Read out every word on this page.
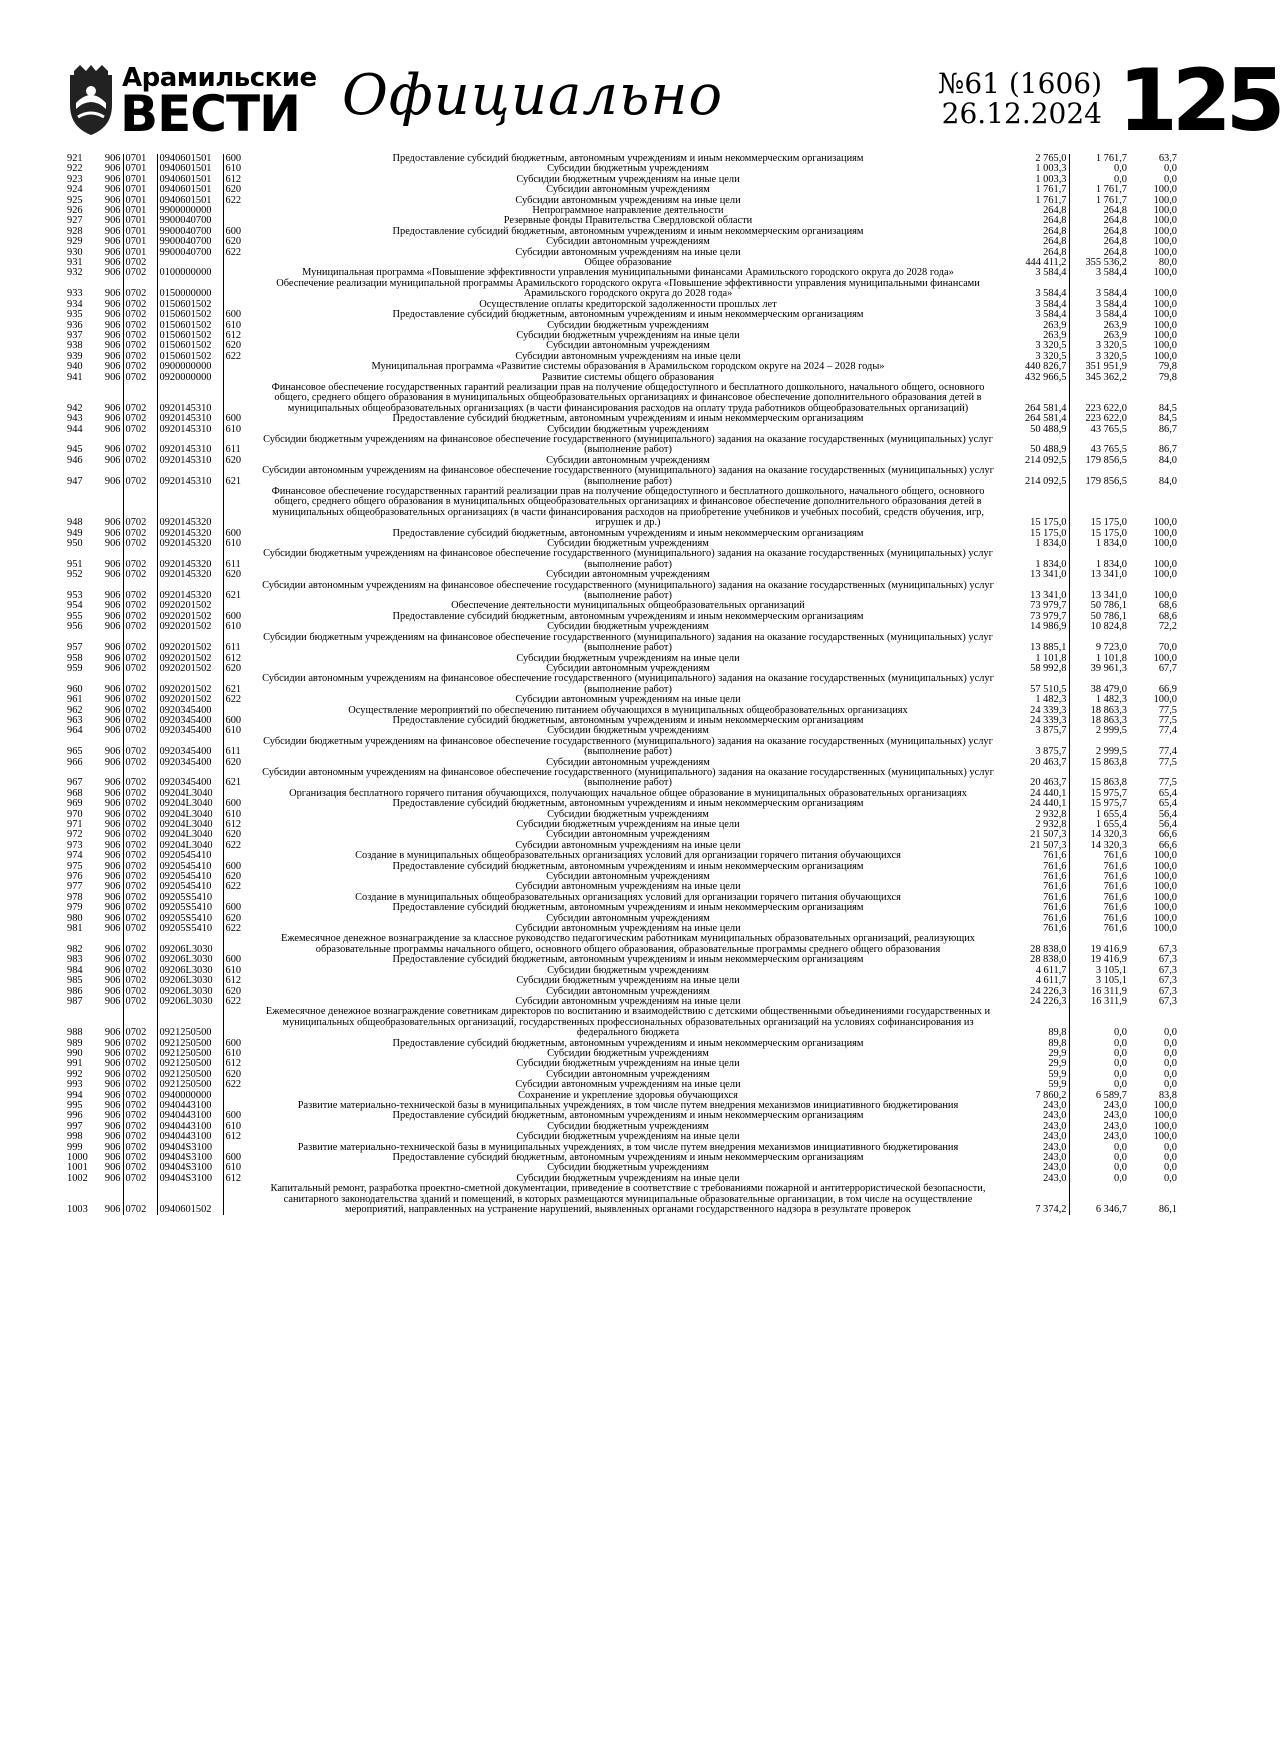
Арамильские
ВЕСТИ Официально	№61 (1606)
26.12.2024 125
921	906	0701	0940601501	600	Предоставление субсидий бюджетным, автономным учреждениям и иным некоммерческим организациям	2 765,0	1 761,7	63,7
922	906	0701	0940601501	610	Субсидии бюджетным учреждениям	1 003,3	0,0	0,0
923	906	0701	0940601501	612	Субсидии бюджетным учреждениям на иные цели	1 003,3	0,0	0,0
924	906	0701	0940601501	620	Субсидии автономным учреждениям	1 761,7	1 761,7	100,0
925	906	0701	0940601501	622	Субсидии автономным учреждениям на иные цели	1 761,7	1 761,7	100,0
926	906	0701	9900000000		Непрограммное направление деятельности	264,8	264,8	100,0
927	906	0701	9900040700		Резервные фонды Правительства Свердловской области	264,8	264,8	100,0
928	906	0701	9900040700	600	Предоставление субсидий бюджетным, автономным учреждениям и иным некоммерческим организациям	264,8	264,8	100,0
929	906	0701	9900040700	620	Субсидии автономным учреждениям	264,8	264,8	100,0
930	906	0701	9900040700	622	Субсидии автономным учреждениям на иные цели	264,8	264,8	100,0
931	906	0702			Общее образование	444 411,2	355 536,2	80,0
932	906	0702	0100000000		Муниципальная программа «Повышение эффективности управления муниципальными финансами Арамильского городского округа до 2028 года»	3 584,4	3 584,4	100,0
933	906	0702	0150000000		Обеспечение реализации муниципальной программы Арамильского городского округа «Повышение эффективности управления муниципальными финансами Арамильского городского округа до 2028 года»	3 584,4	3 584,4	100,0
934	906	0702	0150601502		Осуществление оплаты кредиторской задолженности прошлых лет	3 584,4	3 584,4	100,0
935	906	0702	0150601502	600	Предоставление субсидий бюджетным, автономным учреждениям и иным некоммерческим организациям	3 584,4	3 584,4	100,0
936	906	0702	0150601502	610	Субсидии бюджетным учреждениям	263,9	263,9	100,0
937	906	0702	0150601502	612	Субсидии бюджетным учреждениям на иные цели	263,9	263,9	100,0
938	906	0702	0150601502	620	Субсидии автономным учреждениям	3 320,5	3 320,5	100,0
939	906	0702	0150601502	622	Субсидии автономным учреждениям на иные цели	3 320,5	3 320,5	100,0
940	906	0702	0900000000		Муниципальная программа «Развитие системы образования в Арамильском городском округе на 2024 – 2028 годы»	440 826,7	351 951,9	79,8
941	906	0702	0920000000		Развитие системы общего образования	432 966,5	345 362,2	79,8
942	906	0702	0920145310		Финансовое обеспечение государственных гарантий реализации прав на получение общедоступного и бесплатного дошкольного, начального общего, основного общего, среднего общего образования в муниципальных общеобразовательных организациях и финансовое обеспечение дополнительного образования детей в муниципальных общеобразовательных организациях (в части финансирования расходов на оплату труда работников общеобразовательных организаций)	264 581,4	223 622,0	84,5
943	906	0702	0920145310	600	Предоставление субсидий бюджетным, автономным учреждениям и иным некоммерческим организациям	264 581,4	223 622,0	84,5
944	906	0702	0920145310	610	Субсидии бюджетным учреждениям	50 488,9	43 765,5	86,7
945	906	0702	0920145310	611	Субсидии бюджетным учреждениям на финансовое обеспечение государственного (муниципального) задания на оказание государственных (муниципальных) услуг (выполнение работ)	50 488,9	43 765,5	86,7
946	906	0702	0920145310	620	Субсидии автономным учреждениям	214 092,5	179 856,5	84,0
947	906	0702	0920145310	621	Субсидии автономным учреждениям на финансовое обеспечение государственного (муниципального) задания на оказание государственных (муниципальных) услуг (выполнение работ)	214 092,5	179 856,5	84,0
948	906	0702	0920145320		Финансовое обеспечение государственных гарантий реализации прав на получение общедоступного и бесплатного дошкольного, начального общего, основного общего, среднего общего образования в муниципальных общеобразовательных организациях и финансовое обеспечение дополнительного образования детей в муниципальных общеобразовательных организациях (в части финансирования расходов на приобретение учебников и учебных пособий, средств обучения, игр, игрушек и др.)	15 175,0	15 175,0	100,0
949	906	0702	0920145320	600	Предоставление субсидий бюджетным, автономным учреждениям и иным некоммерческим организациям	15 175,0	15 175,0	100,0
950	906	0702	0920145320	610	Субсидии бюджетным учреждениям	1 834,0	1 834,0	100,0
951	906	0702	0920145320	611	Субсидии бюджетным учреждениям на финансовое обеспечение государственного (муниципального) задания на оказание государственных (муниципальных) услуг (выполнение работ)	1 834,0	1 834,0	100,0
952	906	0702	0920145320	620	Субсидии автономным учреждениям	13 341,0	13 341,0	100,0
953	906	0702	0920145320	621	Субсидии автономным учреждениям на финансовое обеспечение государственного (муниципального) задания на оказание государственных (муниципальных) услуг (выполнение работ)	13 341,0	13 341,0	100,0
954	906	0702	0920201502		Обеспечение деятельности муниципальных общеобразовательных организаций	73 979,7	50 786,1	68,6
955	906	0702	0920201502	600	Предоставление субсидий бюджетным, автономным учреждениям и иным некоммерческим организациям	73 979,7	50 786,1	68,6
956	906	0702	0920201502	610	Субсидии бюджетным учреждениям	14 986,9	10 824,8	72,2
957	906	0702	0920201502	611	Субсидии бюджетным учреждениям на финансовое обеспечение государственного (муниципального) задания на оказание государственных (муниципальных) услуг (выполнение работ)	13 885,1	9 723,0	70,0
958	906	0702	0920201502	612	Субсидии бюджетным учреждениям на иные цели	1 101,8	1 101,8	100,0
959	906	0702	0920201502	620	Субсидии автономным учреждениям	58 992,8	39 961,3	67,7
960	906	0702	0920201502	621	Субсидии автономным учреждениям на финансовое обеспечение государственного (муниципального) задания на оказание государственных (муниципальных) услуг (выполнение работ)	57 510,5	38 479,0	66,9
961	906	0702	0920201502	622	Субсидии автономным учреждениям на иные цели	1 482,3	1 482,3	100,0
962	906	0702	0920345400		Осуществление мероприятий по обеспечению питанием обучающихся в муниципальных общеобразовательных организациях	24 339,3	18 863,3	77,5
963	906	0702	0920345400	600	Предоставление субсидий бюджетным, автономным учреждениям и иным некоммерческим организациям	24 339,3	18 863,3	77,5
964	906	0702	0920345400	610	Субсидии бюджетным учреждениям	3 875,7	2 999,5	77,4
965	906	0702	0920345400	611	Субсидии бюджетным учреждениям на финансовое обеспечение государственного (муниципального) задания на оказание государственных (муниципальных) услуг (выполнение работ)	3 875,7	2 999,5	77,4
966	906	0702	0920345400	620	Субсидии автономным учреждениям	20 463,7	15 863,8	77,5
967	906	0702	0920345400	621	Субсидии автономным учреждениям на финансовое обеспечение государственного (муниципального) задания на оказание государственных (муниципальных) услуг (выполнение работ)	20 463,7	15 863,8	77,5
968	906	0702	09204L3040		Организация бесплатного горячего питания обучающихся, получающих начальное общее образование в муниципальных образовательных организациях	24 440,1	15 975,7	65,4
969	906	0702	09204L3040	600	Предоставление субсидий бюджетным, автономным учреждениям и иным некоммерческим организациям	24 440,1	15 975,7	65,4
970	906	0702	09204L3040	610	Субсидии бюджетным учреждениям	2 932,8	1 655,4	56,4
971	906	0702	09204L3040	612	Субсидии бюджетным учреждениям на иные цели	2 932,8	1 655,4	56,4
972	906	0702	09204L3040	620	Субсидии автономным учреждениям	21 507,3	14 320,3	66,6
973	906	0702	09204L3040	622	Субсидии автономным учреждениям на иные цели	21 507,3	14 320,3	66,6
974	906	0702	0920545410		Создание в муниципальных общеобразовательных организациях условий для организации горячего питания обучающихся	761,6	761,6	100,0
975	906	0702	0920545410	600	Предоставление субсидий бюджетным, автономным учреждениям и иным некоммерческим организациям	761,6	761,6	100,0
976	906	0702	0920545410	620	Субсидии автономным учреждениям	761,6	761,6	100,0
977	906	0702	0920545410	622	Субсидии автономным учреждениям на иные цели	761,6	761,6	100,0
978	906	0702	09205S5410		Создание в муниципальных общеобразовательных организациях условий для организации горячего питания обучающихся	761,6	761,6	100,0
979	906	0702	09205S5410	600	Предоставление субсидий бюджетным, автономным учреждениям и иным некоммерческим организациям	761,6	761,6	100,0
980	906	0702	09205S5410	620	Субсидии автономным учреждениям	761,6	761,6	100,0
981	906	0702	09205S5410	622	Субсидии автономным учреждениям на иные цели	761,6	761,6	100,0
982	906	0702	09206L3030		Ежемесячное денежное вознаграждение за классное руководство педагогическим работникам муниципальных образовательных организаций, реализующих образовательные программы начального общего, основного общего образования, образовательные программы среднего общего образования	28 838,0	19 416,9	67,3
983	906	0702	09206L3030	600	Предоставление субсидий бюджетным, автономным учреждениям и иным некоммерческим организациям	28 838,0	19 416,9	67,3
984	906	0702	09206L3030	610	Субсидии бюджетным учреждениям	4 611,7	3 105,1	67,3
985	906	0702	09206L3030	612	Субсидии бюджетным учреждениям на иные цели	4 611,7	3 105,1	67,3
986	906	0702	09206L3030	620	Субсидии автономным учреждениям	24 226,3	16 311,9	67,3
987	906	0702	09206L3030	622	Субсидии автономным учреждениям на иные цели	24 226,3	16 311,9	67,3
988	906	0702	0921250500		Ежемесячное денежное вознаграждение советникам директоров по воспитанию и взаимодействию с детскими общественными объединениями государственных и муниципальных общеобразовательных организаций, государственных профессиональных образовательных организаций на условиях софинансирования из федерального бюджета	89,8	0,0	0,0
989	906	0702	0921250500	600	Предоставление субсидий бюджетным, автономным учреждениям и иным некоммерческим организациям	89,8	0,0	0,0
990	906	0702	0921250500	610	Субсидии бюджетным учреждениям	29,9	0,0	0,0
991	906	0702	0921250500	612	Субсидии бюджетным учреждениям на иные цели	29,9	0,0	0,0
992	906	0702	0921250500	620	Субсидии автономным учреждениям	59,9	0,0	0,0
993	906	0702	0921250500	622	Субсидии автономным учреждениям на иные цели	59,9	0,0	0,0
994	906	0702	0940000000		Сохранение и укрепление здоровья обучающихся	7 860,2	6 589,7	83,8
995	906	0702	0940443100		Развитие материально-технической базы в муниципальных учреждениях, в том числе путем внедрения механизмов инициативного бюджетирования	243,0	243,0	100,0
996	906	0702	0940443100	600	Предоставление субсидий бюджетным, автономным учреждениям и иным некоммерческим организациям	243,0	243,0	100,0
997	906	0702	0940443100	610	Субсидии бюджетным учреждениям	243,0	243,0	100,0
998	906	0702	0940443100	612	Субсидии бюджетным учреждениям на иные цели	243,0	243,0	100,0
999	906	0702	09404S3100		Развитие материально-технической базы в муниципальных учреждениях, в том числе путем внедрения механизмов инициативного бюджетирования	243,0	0,0	0,0
1000	906	0702	09404S3100	600	Предоставление субсидий бюджетным, автономным учреждениям и иным некоммерческим организациям	243,0	0,0	0,0
1001	906	0702	09404S3100	610	Субсидии бюджетным учреждениям	243,0	0,0	0,0
1002	906	0702	09404S3100	612	Субсидии бюджетным учреждениям на иные цели	243,0	0,0	0,0
1003	906	0702	0940601502		Капитальный ремонт, разработка проектно-сметной документации, приведение в соответствие с требованиями пожарной и антитеррористической безопасности, санитарного законодательства зданий и помещений, в которых размещаются муниципальные образовательные организации, в том числе на осуществление мероприятий, направленных на устранение нарушений, выявленных органами государственного надзора в результате проверок	7 374,2	6 346,7	86,1
